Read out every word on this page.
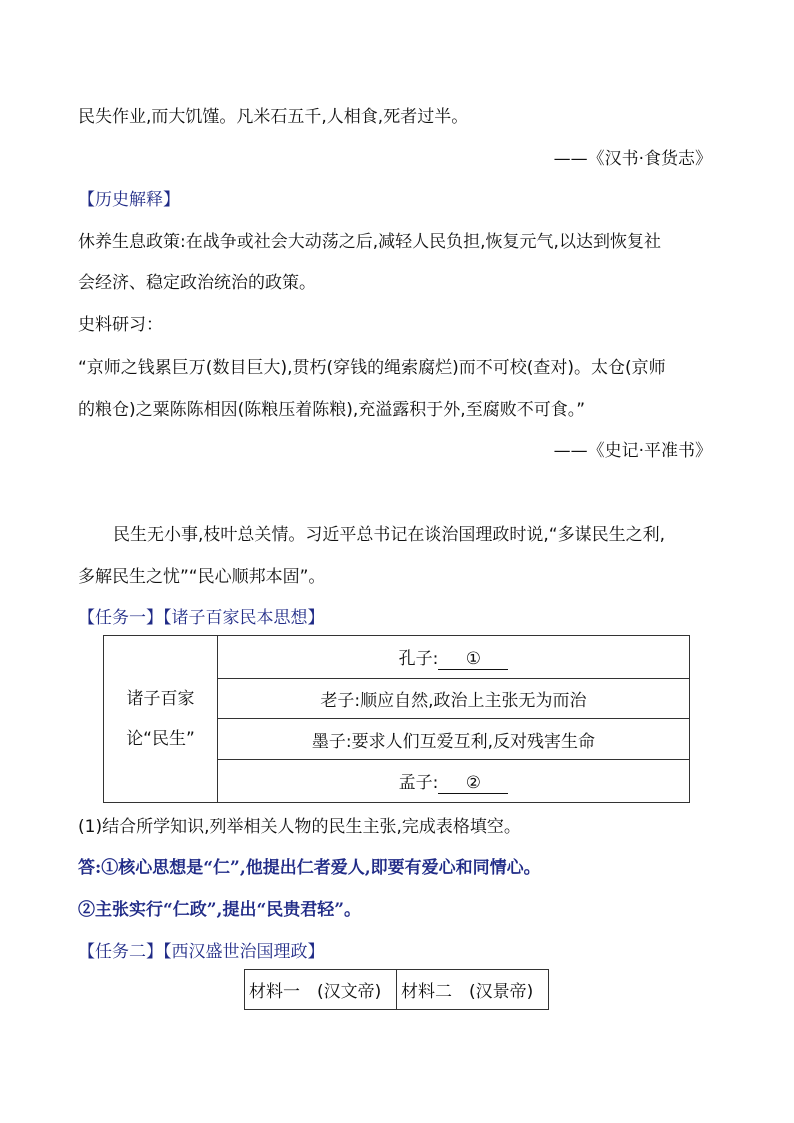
民失作业,而大饥馑。凡米石五千,人相食,死者过半。
——《汉书·食货志》
【历史解释】
休养生息政策:在战争或社会大动荡之后,减轻人民负担,恢复元气,以达到恢复社
会经济、稳定政治统治的政策。
史料研习：
“京师之钱累巨万(数目巨大),贯朽(穿钱的绳索腐烂)而不可校(查对)。太仓(京师
的粮仓)之粟陈陈相因(陈粮压着陈粮),充溢露积于外,至腐败不可食。”
——《史记·平准书》
民生无小事,枝叶总关情。习近平总书记在谈治国理政时说,“多谋民生之利,
多解民生之忧”“民心顺邦本固”。
【任务一】【诸子百家民本思想】
诸子百家
论“民生”
	孔子: ①
老子:顺应自然,政治上主张无为而治
墨子:要求人们互爱互利,反对残害生命
孟子: ②
(1)结合所学知识,列举相关人物的民生主张,完成表格填空。
答:①核心思想是“仁”,他提出仁者爱人,即要有爱心和同情心。
②主张实行“仁政”,提出“民贵君轻”。
【任务二】【西汉盛世治国理政】
材料一　(汉文帝)	材料二　(汉景帝)
